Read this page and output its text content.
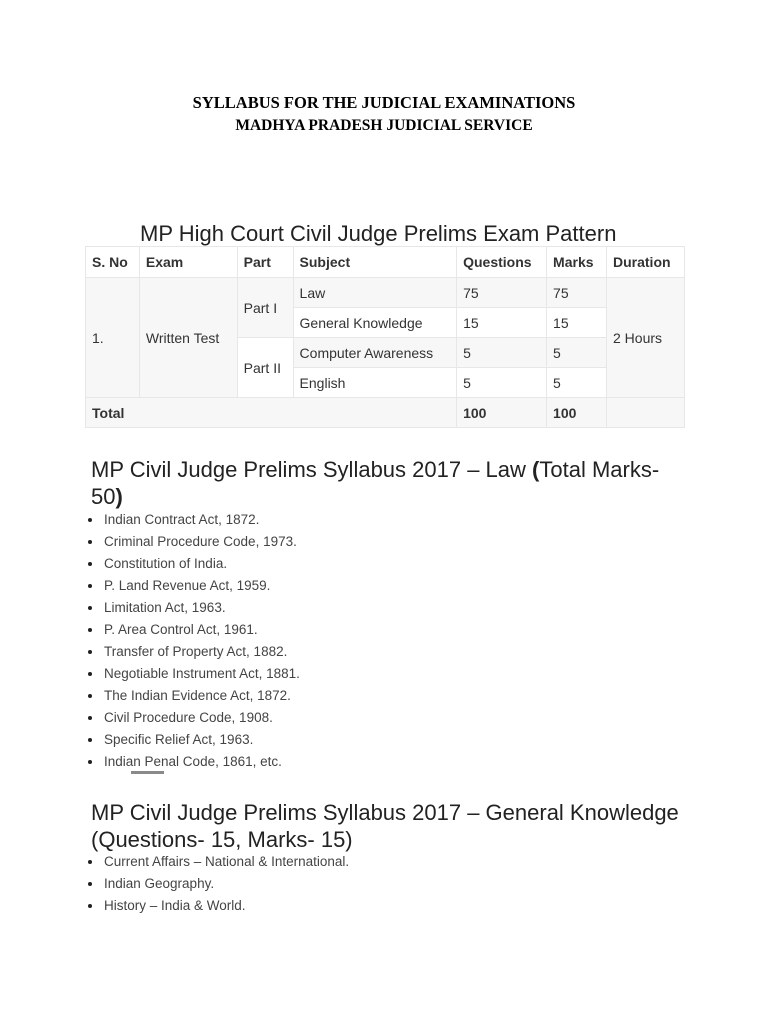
SYLLABUS FOR THE JUDICIAL EXAMINATIONS
MADHYA PRADESH JUDICIAL SERVICE
MP High Court Civil Judge Prelims Exam Pattern
S. No	Exam	Part	Subject	Questions	Marks	Duration
1.	Written Test	Part I	Law	75	75	2 Hours
			General Knowledge	15	15	
		Part II	Computer Awareness	5	5	
			English	5	5	
Total				100	100	
MP Civil Judge Prelims Syllabus 2017 – Law (Total Marks- 50)
Indian Contract Act, 1872.
Criminal Procedure Code, 1973.
Constitution of India.
P. Land Revenue Act, 1959.
Limitation Act, 1963.
P. Area Control Act, 1961.
Transfer of Property Act, 1882.
Negotiable Instrument Act, 1881.
The Indian Evidence Act, 1872.
Civil Procedure Code, 1908.
Specific Relief Act, 1963.
Indian Penal Code, 1861, etc.
MP Civil Judge Prelims Syllabus 2017 – General Knowledge (Questions- 15, Marks- 15)
Current Affairs – National & International.
Indian Geography.
History – India & World.
